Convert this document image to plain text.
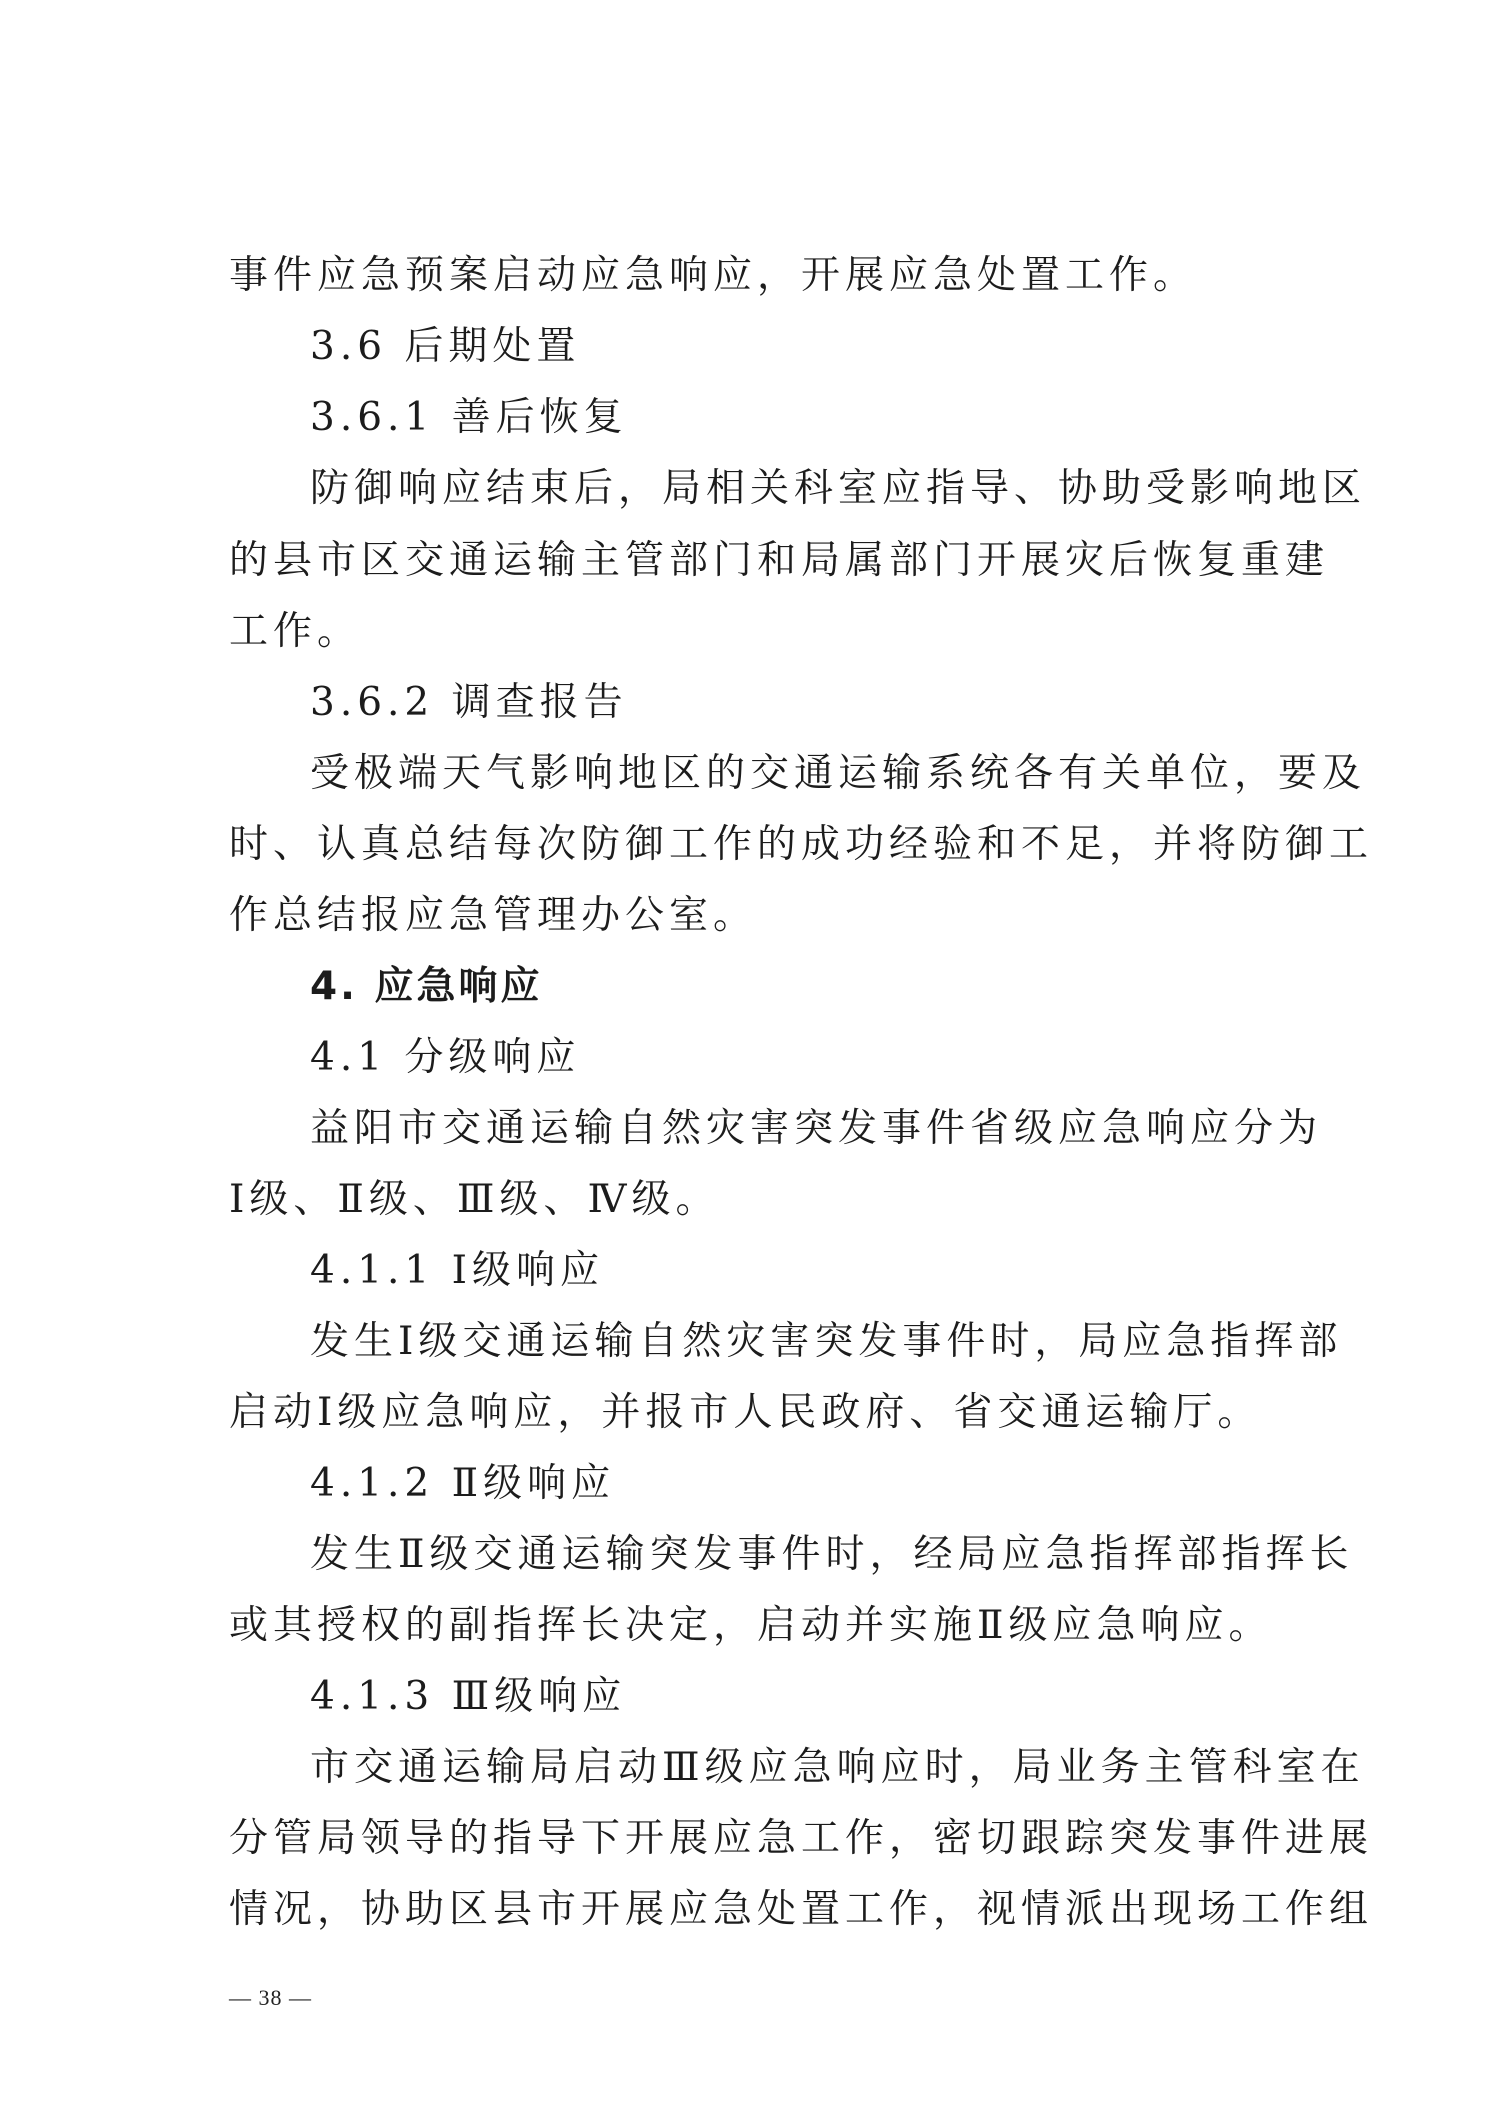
事件应急预案启动应急响应，开展应急处置工作。
3.6 后期处置
3.6.1 善后恢复
防御响应结束后，局相关科室应指导、协助受影响地区
的县市区交通运输主管部门和局属部门开展灾后恢复重建
工作。
3.6.2 调查报告
受极端天气影响地区的交通运输系统各有关单位，要及
时、认真总结每次防御工作的成功经验和不足，并将防御工
作总结报应急管理办公室。
4. 应急响应
4.1 分级响应
益阳市交通运输自然灾害突发事件省级应急响应分为
Ⅰ级、Ⅱ级、Ⅲ级、Ⅳ级。
4.1.1 Ⅰ级响应
发生Ⅰ级交通运输自然灾害突发事件时，局应急指挥部
启动Ⅰ级应急响应，并报市人民政府、省交通运输厅。
4.1.2 Ⅱ级响应
发生Ⅱ级交通运输突发事件时，经局应急指挥部指挥长
或其授权的副指挥长决定，启动并实施Ⅱ级应急响应。
4.1.3 Ⅲ级响应
市交通运输局启动Ⅲ级应急响应时，局业务主管科室在
分管局领导的指导下开展应急工作，密切跟踪突发事件进展
情况，协助区县市开展应急处置工作，视情派出现场工作组
— 38 —
